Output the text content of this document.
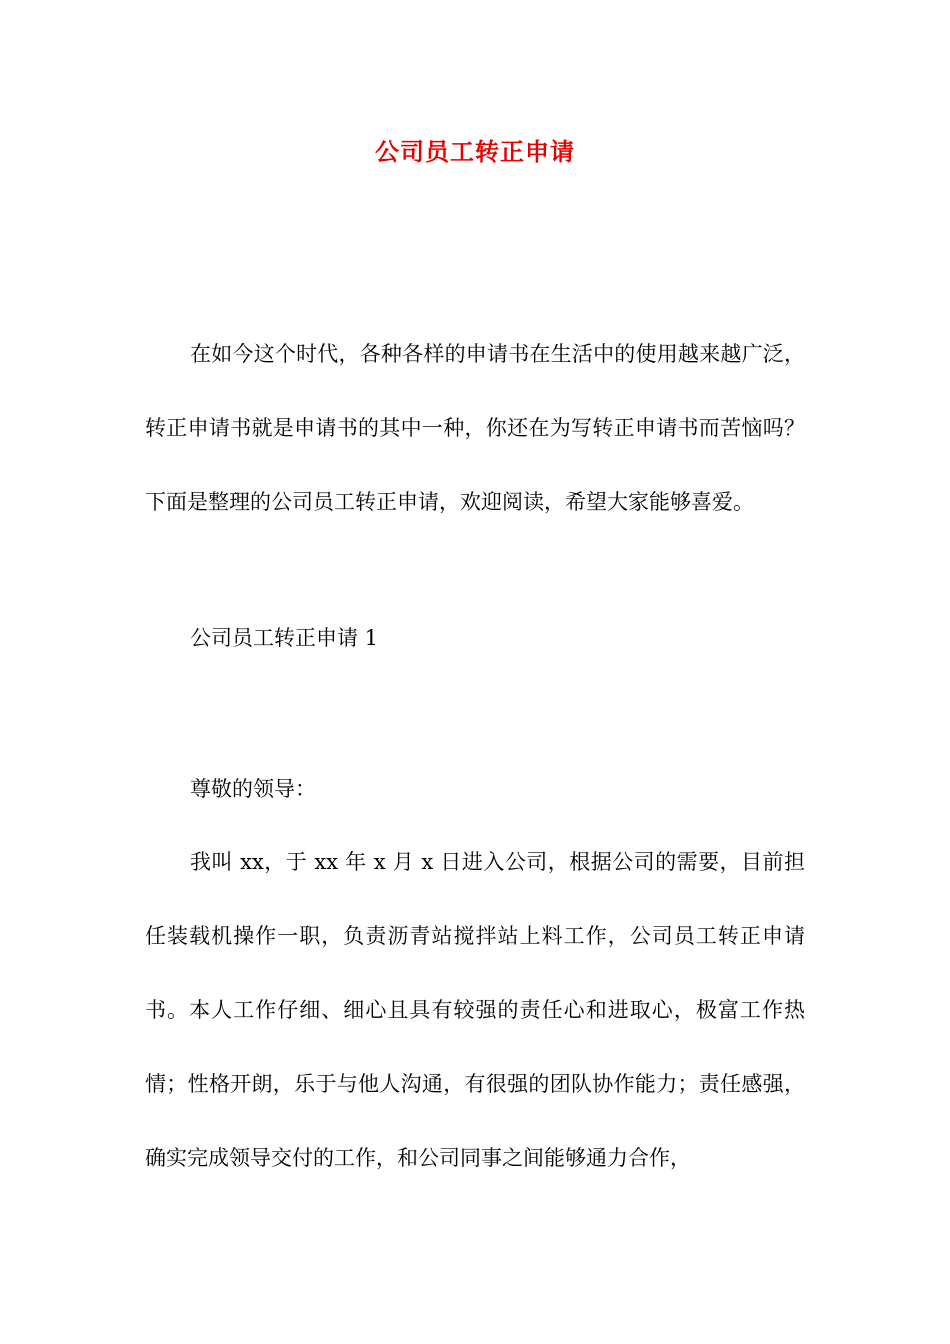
公司员工转正申请
在如今这个时代，各种各样的申请书在生活中的使用越来越广泛，转正申请书就是申请书的其中一种，你还在为写转正申请书而苦恼吗？下面是整理的公司员工转正申请，欢迎阅读，希望大家能够喜爱。
公司员工转正申请 1
尊敬的领导：
我叫 xx，于 xx 年 x 月 x 日进入公司，根据公司的需要，目前担任装载机操作一职，负责沥青站搅拌站上料工作，公司员工转正申请书。本人工作仔细、细心且具有较强的责任心和进取心，极富工作热情；性格开朗，乐于与他人沟通，有很强的团队协作能力；责任感强，确实完成领导交付的工作，和公司同事之间能够通力合作，
